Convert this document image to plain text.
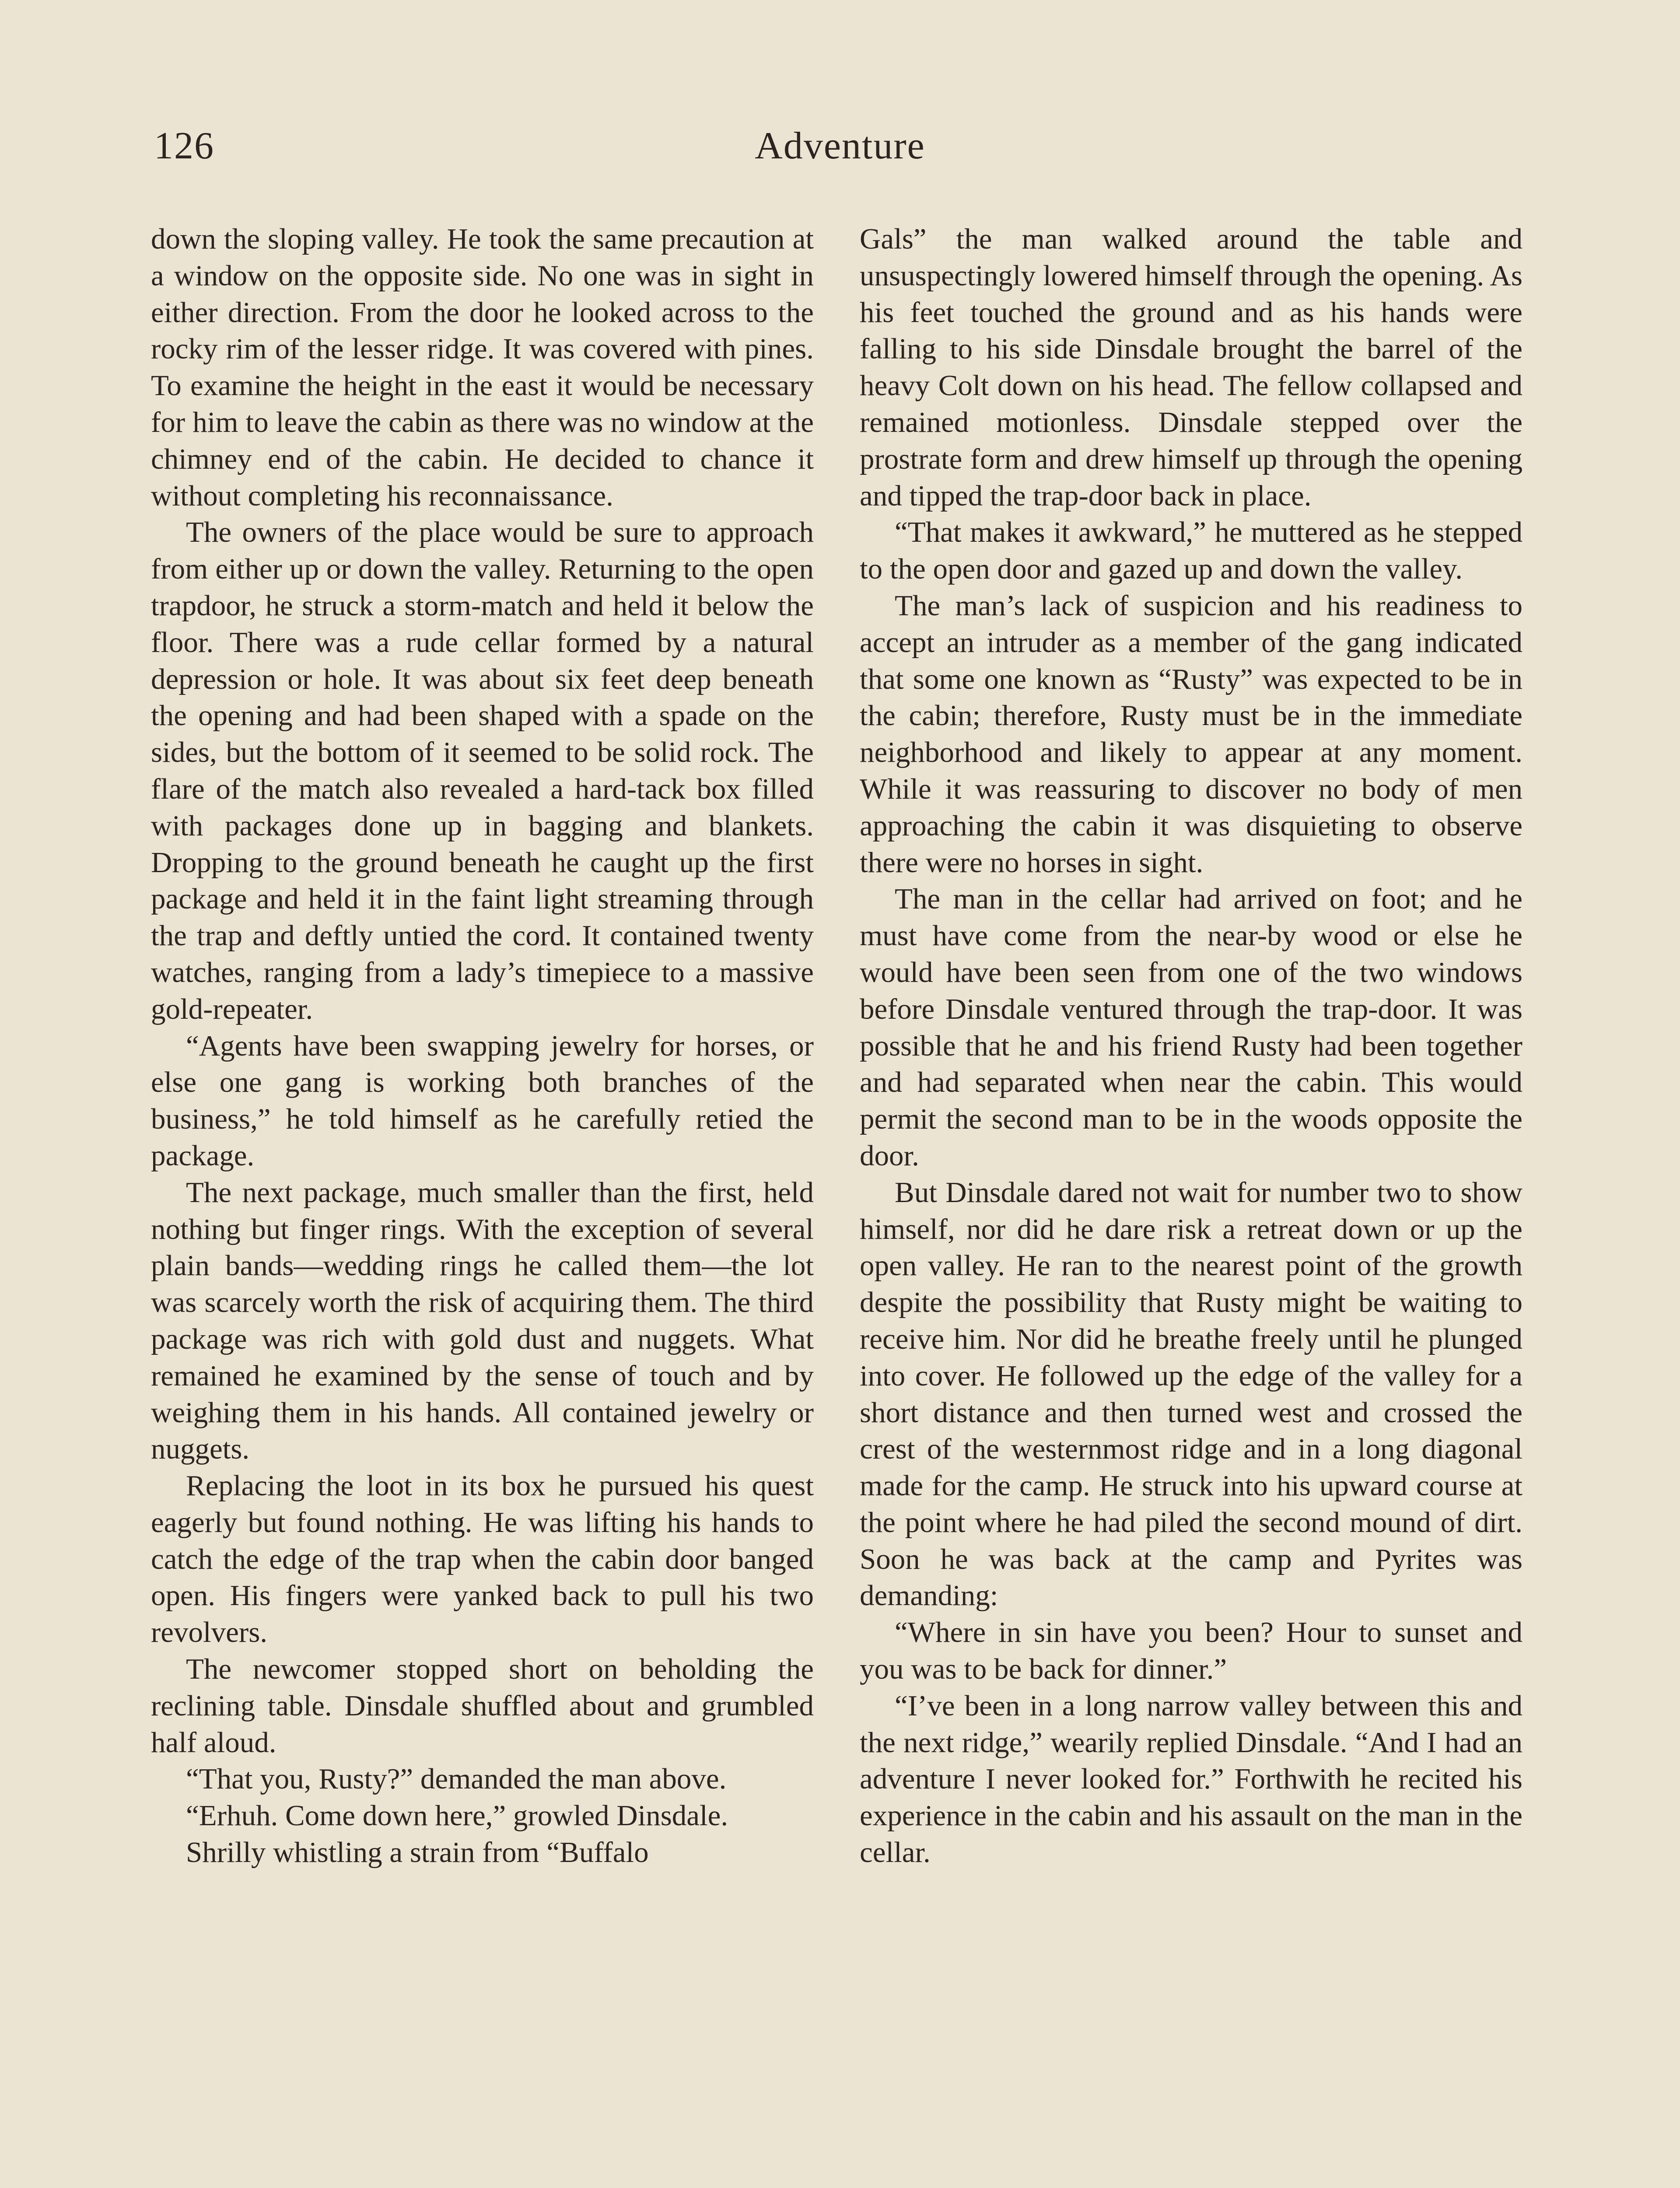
126	Adventure

down the sloping valley. He took the same precaution at a window on the opposite side. No one was in sight in either direction. From the door he looked across to the rocky rim of the lesser ridge. It was covered with pines. To examine the height in the east it would be necessary for him to leave the cabin as there was no window at the chimney end of the cabin. He decided to chance it without completing his reconnaissance.

The owners of the place would be sure to approach from either up or down the valley. Returning to the open trapdoor, he struck a storm-match and held it below the floor. There was a rude cellar formed by a natural depression or hole. It was about six feet deep beneath the opening and had been shaped with a spade on the sides, but the bottom of it seemed to be solid rock. The flare of the match also revealed a hard-tack box filled with packages done up in bagging and blankets. Dropping to the ground beneath he caught up the first package and held it in the faint light streaming through the trap and deftly untied the cord. It contained twenty watches, ranging from a lady’s timepiece to a massive gold-repeater.

“Agents have been swapping jewelry for horses, or else one gang is working both branches of the business,” he told himself as he carefully retied the package.

The next package, much smaller than the first, held nothing but finger rings. With the exception of several plain bands—wedding rings he called them—the lot was scarcely worth the risk of acquiring them. The third package was rich with gold dust and nuggets. What remained he examined by the sense of touch and by weighing them in his hands. All contained jewelry or nuggets.

Replacing the loot in its box he pursued his quest eagerly but found nothing. He was lifting his hands to catch the edge of the trap when the cabin door banged open. His fingers were yanked back to pull his two revolvers.

The newcomer stopped short on beholding the reclining table. Dinsdale shuffled about and grumbled half aloud.

“That you, Rusty?” demanded the man above.

“Erhuh. Come down here,” growled Dinsdale.

Shrilly whistling a strain from “Buffalo

Gals” the man walked around the table and unsuspectingly lowered himself through the opening. As his feet touched the ground and as his hands were falling to his side Dinsdale brought the barrel of the heavy Colt down on his head. The fellow collapsed and remained motionless. Dinsdale stepped over the prostrate form and drew himself up through the opening and tipped the trap-door back in place.

“That makes it awkward,” he muttered as he stepped to the open door and gazed up and down the valley.

The man’s lack of suspicion and his readiness to accept an intruder as a member of the gang indicated that some one known as “Rusty” was expected to be in the cabin; therefore, Rusty must be in the immediate neighborhood and likely to appear at any moment. While it was reassuring to discover no body of men approaching the cabin it was disquieting to observe there were no horses in sight.

The man in the cellar had arrived on foot; and he must have come from the near-by wood or else he would have been seen from one of the two windows before Dinsdale ventured through the trap-door. It was possible that he and his friend Rusty had been together and had separated when near the cabin. This would permit the second man to be in the woods opposite the door.

But Dinsdale dared not wait for number two to show himself, nor did he dare risk a retreat down or up the open valley. He ran to the nearest point of the growth despite the possibility that Rusty might be waiting to receive him. Nor did he breathe freely until he plunged into cover. He followed up the edge of the valley for a short distance and then turned west and crossed the crest of the westernmost ridge and in a long diagonal made for the camp. He struck into his upward course at the point where he had piled the second mound of dirt. Soon he was back at the camp and Pyrites was demanding:

“Where in sin have you been? Hour to sunset and you was to be back for dinner.”

“I’ve been in a long narrow valley between this and the next ridge,” wearily replied Dinsdale. “And I had an adventure I never looked for.” Forthwith he recited his experience in the cabin and his assault on the man in the cellar.
